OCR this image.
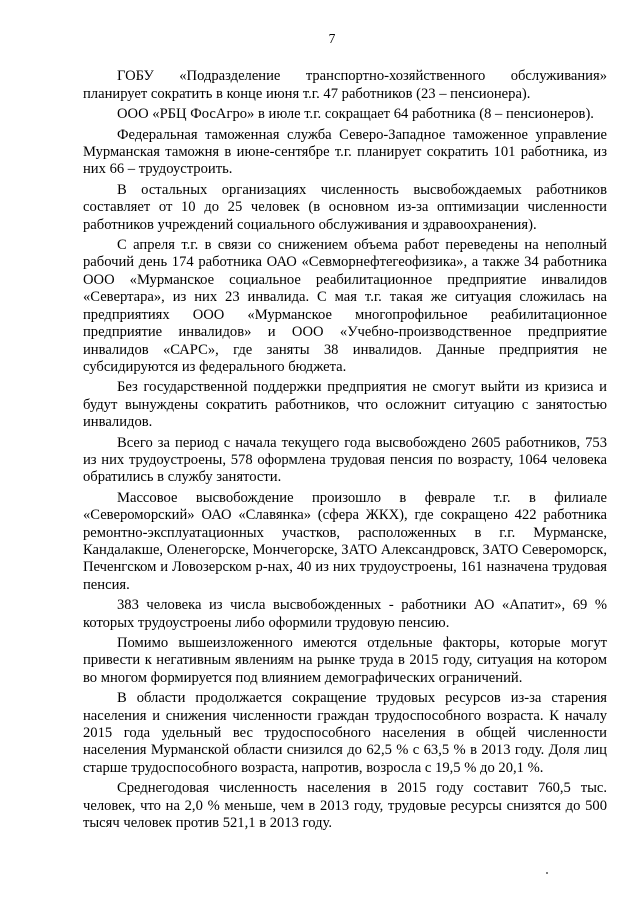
7

ГОБУ «Подразделение транспортно-хозяйственного обслуживания» планирует сократить в конце июня т.г. 47 работников (23 – пенсионера).

ООО «РБЦ ФосАгро» в июле т.г. сокращает 64 работника (8 – пенсионеров).

Федеральная таможенная служба Северо-Западное таможенное управление Мурманская таможня в июне-сентябре т.г. планирует сократить 101 работника, из них 66 – трудоустроить.

В остальных организациях численность высвобождаемых работников составляет от 10 до 25 человек (в основном из-за оптимизации численности работников учреждений социального обслуживания и здравоохранения).

С апреля т.г. в связи со снижением объема работ переведены на неполный рабочий день 174 работника ОАО «Севморнефтегеофизика», а также 34 работника ООО «Мурманское социальное реабилитационное предприятие инвалидов «Севертара», из них 23 инвалида. С мая т.г. такая же ситуация сложилась на предприятиях ООО «Мурманское многопрофильное реабилитационное предприятие инвалидов» и ООО «Учебно-производственное предприятие инвалидов «САРС», где заняты 38 инвалидов. Данные предприятия не субсидируются из федерального бюджета.

Без государственной поддержки предприятия не смогут выйти из кризиса и будут вынуждены сократить работников, что осложнит ситуацию с занятостью инвалидов.

Всего за период с начала текущего года высвобождено 2605 работников, 753 из них трудоустроены, 578 оформлена трудовая пенсия по возрасту, 1064 человека обратились в службу занятости.

Массовое высвобождение произошло в феврале т.г. в филиале «Североморский» ОАО «Славянка» (сфера ЖКХ), где сокращено 422 работника ремонтно-эксплуатационных участков, расположенных в г.г. Мурманске, Кандалакше, Оленегорске, Мончегорске, ЗАТО Александровск, ЗАТО Североморск, Печенгском и Ловозерском р-нах, 40 из них трудоустроены, 161 назначена трудовая пенсия.

383 человека из числа высвобожденных - работники АО «Апатит», 69 % которых трудоустроены либо оформили трудовую пенсию.

Помимо вышеизложенного имеются отдельные факторы, которые могут привести к негативным явлениям на рынке труда в 2015 году, ситуация на котором во многом формируется под влиянием демографических ограничений.

В области продолжается сокращение трудовых ресурсов из-за старения населения и снижения численности граждан трудоспособного возраста. К началу 2015 года удельный вес трудоспособного населения в общей численности населения Мурманской области снизился до 62,5 % с 63,5 % в 2013 году. Доля лиц старше трудоспособного возраста, напротив, возросла с 19,5 % до 20,1 %.

Среднегодовая численность населения в 2015 году составит 760,5 тыс. человек, что на 2,0 % меньше, чем в 2013 году, трудовые ресурсы снизятся до 500 тысяч человек против 521,1 в 2013 году.
